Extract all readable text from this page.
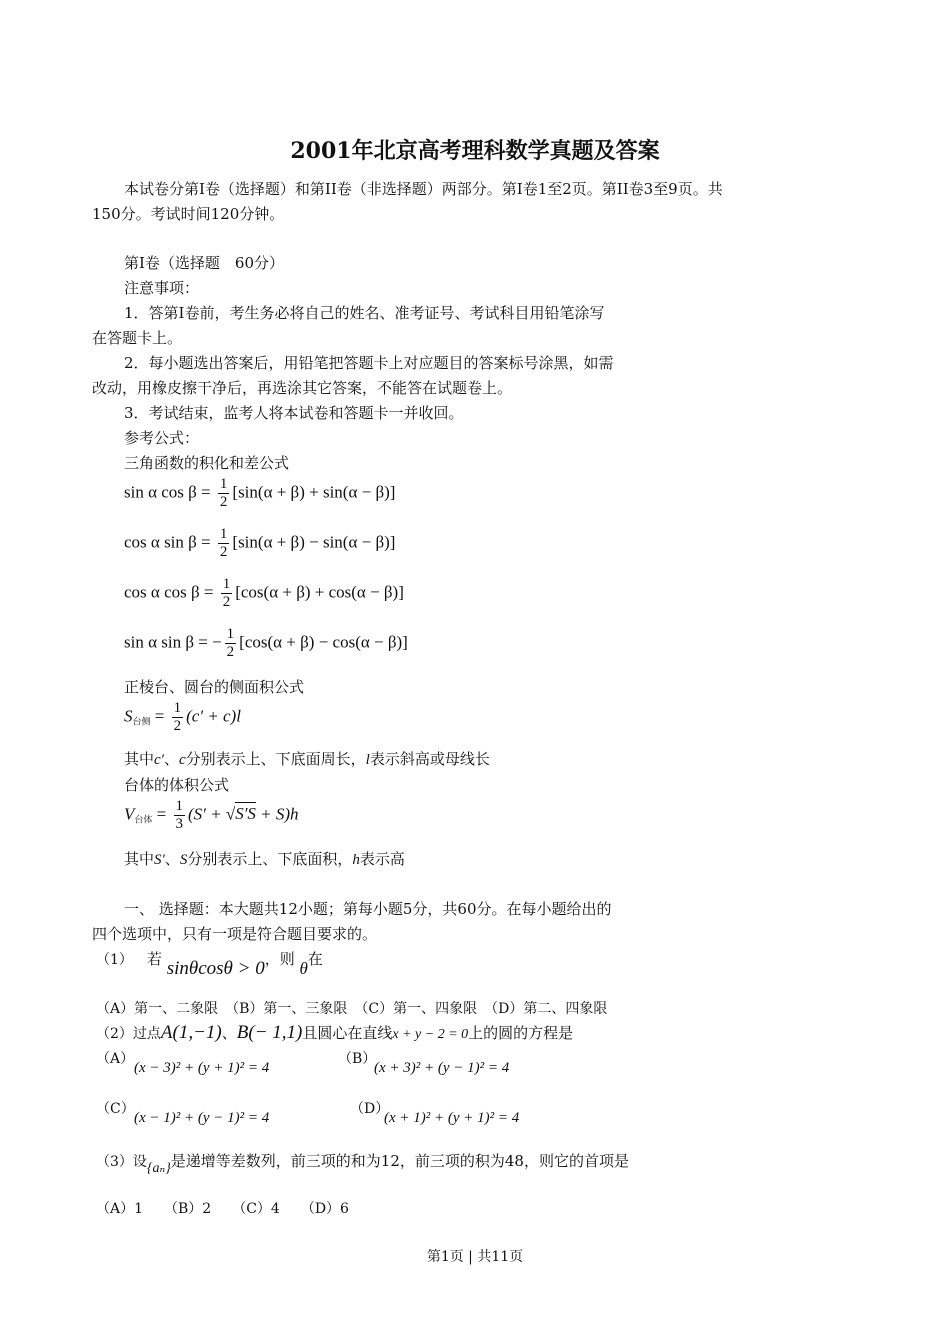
2001年北京高考理科数学真题及答案
本试卷分第Ⅰ卷（选择题）和第II卷（非选择题）两部分。第Ⅰ卷1至2页。第II卷3至9页。共
150分。考试时间120分钟。
第Ⅰ卷（选择题　60分）
注意事项：
1．答第Ⅰ卷前，考生务必将自己的姓名、准考证号、考试科目用铅笔涂写
在答题卡上。
2．每小题选出答案后，用铅笔把答题卡上对应题目的答案标号涂黑，如需
改动，用橡皮擦干净后，再选涂其它答案，不能答在试题卷上。
3．考试结束，监考人将本试卷和答题卡一并收回。
参考公式：
三角函数的积化和差公式
sin α $\cos \beta = \frac{1}{2} [\sin(\alpha + \beta) + \sin(\alpha - \beta)]$
cos α $\sin \beta = \frac{1}{2} [\sin(\alpha + \beta) - \sin(\alpha - \beta)]$
cos α $\cos \beta = \frac{1}{2} [\cos(\alpha + \beta) + \cos(\alpha - \beta)]$
sin α sin β = − $\frac{1}{2} [\cos(\alpha + \beta) - \cos(\alpha - \beta)]$
正棱台、圆台的侧面积公式
$S_{台侧} = \frac{1}{2} (c' + c)l$
其中c′、c分别表示上、下底面周长，l表示斜高或母线长
台体的体积公式
$V_{台体} = \frac{1}{3} (S' + √S'S + S)h$
其中S′、S分别表示上、下底面积，h表示高
一、 选择题：本大题共12小题；第每小题5分，共60分。在每小题给出的
四个选项中，只有一项是符合题目要求的。
（1） 若 sinθcosθ > 0，则 θ在
（A）第一、二象限　（B）第一、三象限　（C）第一、四象限　（D）第二、四象限
（2）过点A(1,−1)、B(− 1,1)且圆心在直线x + y − 2 = 0上的圆的方程是
（A）
(x − 3)² + (y + 1)² = 4
（B）
(x + 3)² + (y − 1)² = 4
（C）
(x − 1)² + (y − 1)² = 4
（D）
(x + 1)² + (y + 1)² = 4
（3）设{aₙ}是递增等差数列，前三项的和为12，前三项的积为48，则它的首项是
（A）1　　（B）2　　（C）4　　（D）6
第1页 | 共11页
